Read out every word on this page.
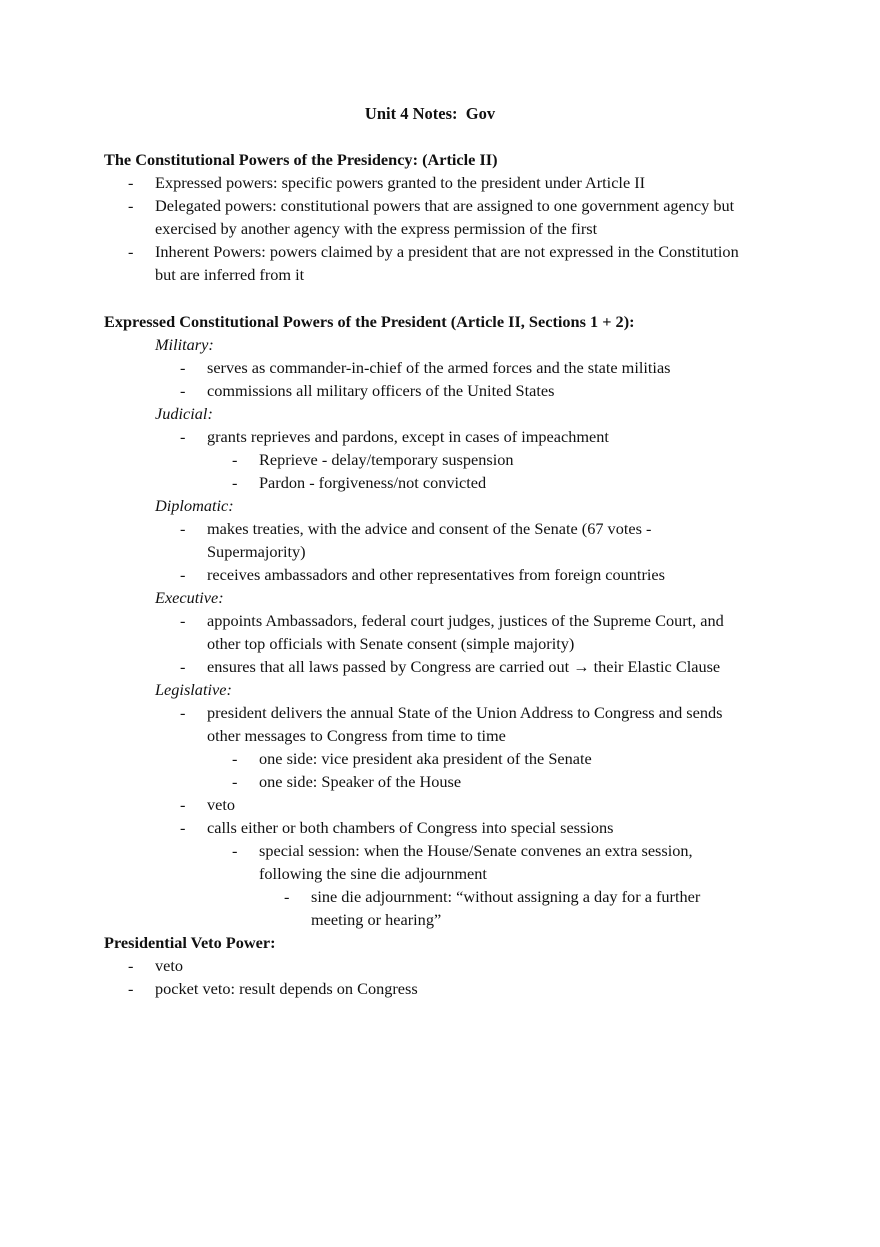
Unit 4 Notes:  Gov
The Constitutional Powers of the Presidency: (Article II)
- Expressed powers: specific powers granted to the president under Article II
- Delegated powers: constitutional powers that are assigned to one government agency but
exercised by another agency with the express permission of the first
- Inherent Powers: powers claimed by a president that are not expressed in the Constitution
but are inferred from it
Expressed Constitutional Powers of the President (Article II, Sections 1 + 2):
Military:
- serves as commander-in-chief of the armed forces and the state militias
- commissions all military officers of the United States
Judicial:
- grants reprieves and pardons, except in cases of impeachment
- Reprieve - delay/temporary suspension
- Pardon - forgiveness/not convicted
Diplomatic:
- makes treaties, with the advice and consent of the Senate (67 votes -
Supermajority)
- receives ambassadors and other representatives from foreign countries
Executive:
- appoints Ambassadors, federal court judges, justices of the Supreme Court, and
other top officials with Senate consent (simple majority)
- ensures that all laws passed by Congress are carried out → their Elastic Clause
Legislative:
- president delivers the annual State of the Union Address to Congress and sends
other messages to Congress from time to time
- one side: vice president aka president of the Senate
- one side: Speaker of the House
- veto
- calls either or both chambers of Congress into special sessions
- special session: when the House/Senate convenes an extra session,
following the sine die adjournment
- sine die adjournment: “without assigning a day for a further
meeting or hearing”
Presidential Veto Power:
- veto
- pocket veto: result depends on Congress
